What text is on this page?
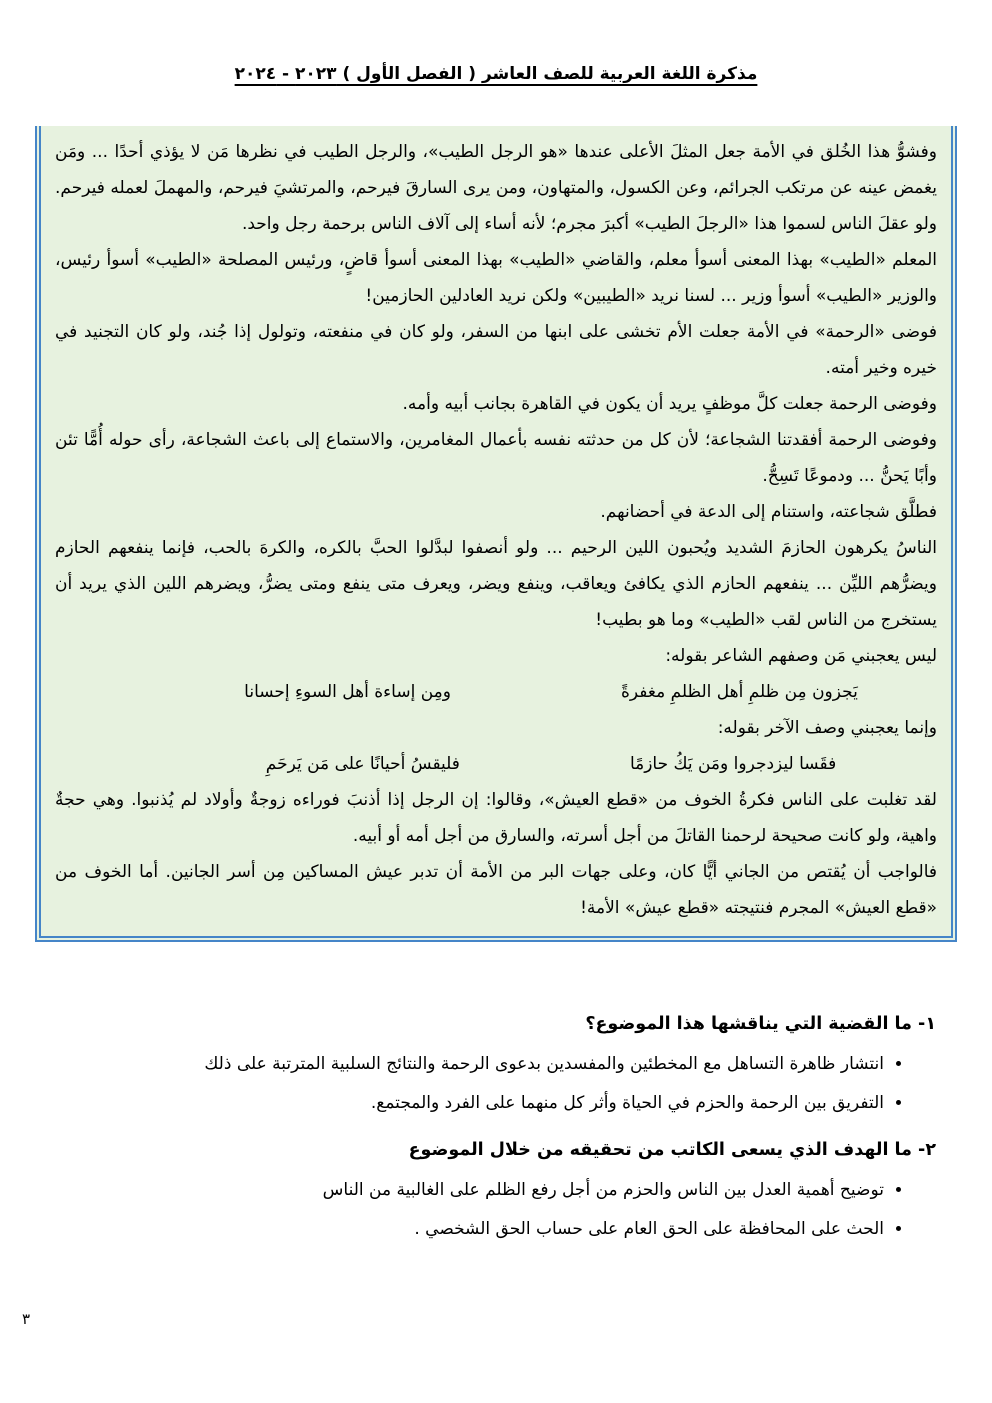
مذكرة اللغة العربية للصف العاشر ( الفصل الأول ) ٢٠٢٣ - ٢٠٢٤

وفشوُّ هذا الخُلق في الأمة جعل المثلَ الأعلى عندها «هو الرجل الطيب»، والرجل الطيب في نظرها مَن لا يؤذي أحدًا ... ومَن يغمض عينه عن مرتكب الجرائم، وعن الكسول، والمتهاون، ومن يرى السارقَ فيرحم، والمرتشيَ فيرحم، والمهملَ لعمله فيرحم. ولو عقلَ الناس لسموا هذا «الرجلَ الطيب» أكبرَ مجرم؛ لأنه أساء إلى آلاف الناس برحمة رجل واحد.

المعلم «الطيب» بهذا المعنى أسوأ معلم، والقاضي «الطيب» بهذا المعنى أسوأ قاضٍ، ورئيس المصلحة «الطيب» أسوأ رئيس، والوزير «الطيب» أسوأ وزير ... لسنا نريد «الطيبين» ولكن نريد العادلين الحازمين!

فوضى «الرحمة» في الأمة جعلت الأم تخشى على ابنها من السفر، ولو كان في منفعته، وتولول إذا جُند، ولو كان التجنيد في خيره وخير أمته.

وفوضى الرحمة جعلت كلَّ موظفٍ يريد أن يكون في القاهرة بجانب أبيه وأمه.

وفوضى الرحمة أفقدتنا الشجاعة؛ لأن كل من حدثته نفسه بأعمال المغامرين، والاستماع إلى باعث الشجاعة، رأى حوله أُمًّا تئن وأبًا يَحنُّ ... ودموعًا تَسِحُّ.

فطلَّق شجاعته، واستنام إلى الدعة في أحضانهم.

الناسُ يكرهون الحازمَ الشديد ويُحبون اللين الرحيم ... ولو أنصفوا لبدَّلوا الحبَّ بالكره، والكرهَ بالحب، فإنما ينفعهم الحازم ويضرُّهم الليِّن ... ينفعهم الحازم الذي يكافئ ويعاقب، وينفع ويضر، ويعرف متى ينفع ومتى يضرُّ، ويضرهم اللين الذي يريد أن يستخرج من الناس لقب «الطيب» وما هو بطيب!

ليس يعجبني مَن وصفهم الشاعر بقوله:

يَجزون مِن ظلمِ أهل الظلمِ مغفرةً
ومِن إساءة أهل السوءِ إحسانا

وإنما يعجبني وصف الآخر بقوله:

فقَسا ليزدجروا ومَن يَكُ حازمًا
فليقسُ أحيانًا على مَن يَرحَمِ

لقد تغلبت على الناس فكرةُ الخوف من «قطع العيش»، وقالوا: إن الرجل إذا أذنبَ فوراءه زوجةٌ وأولاد لم يُذنبوا. وهي حجةٌ واهية، ولو كانت صحيحة لرحمنا القاتلَ من أجل أسرته، والسارق من أجل أمه أو أبيه.

فالواجب أن يُقتص من الجاني أيًّا كان، وعلى جهات البر من الأمة أن تدبر عيش المساكين مِن أسر الجانين. أما الخوف من «قطع العيش» المجرم فنتيجته «قطع عيش» الأمة!

١- ما القضية التي يناقشها هذا الموضوع؟
• انتشار ظاهرة التساهل مع المخطئين والمفسدين بدعوى الرحمة والنتائج السلبية المترتبة على ذلك
• التفريق بين الرحمة والحزم في الحياة وأثر كل منهما على الفرد والمجتمع.
٢- ما الهدف الذي يسعى الكاتب من تحقيقه من خلال الموضوع
• توضيح أهمية العدل بين الناس والحزم من أجل رفع الظلم على الغالبية من الناس
• الحث على المحافظة على الحق العام على حساب الحق الشخصي .
٣
